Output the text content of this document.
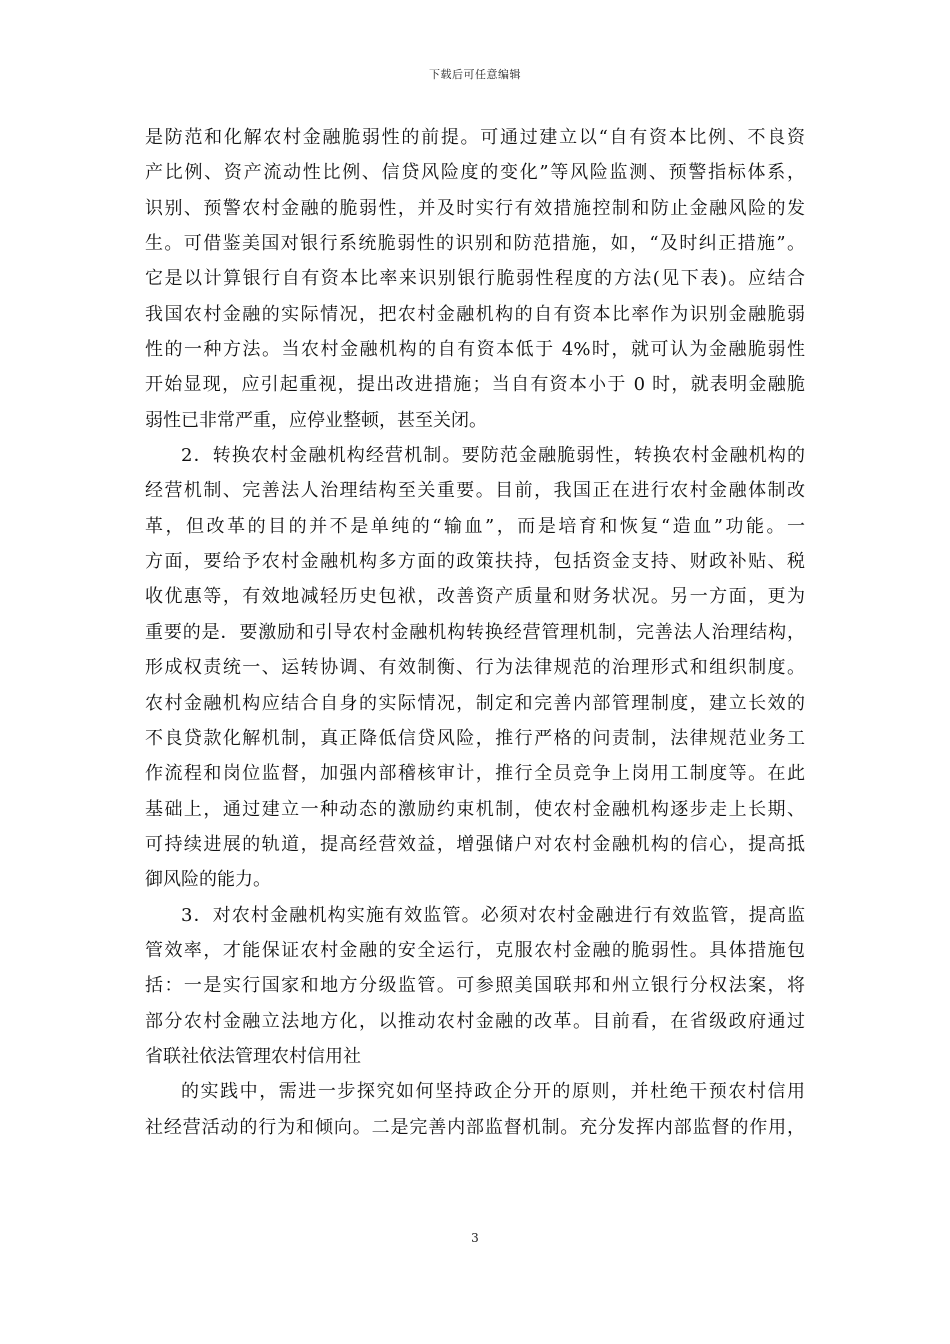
下载后可任意编辑
是防范和化解农村金融脆弱性的前提。可通过建立以“自有资本比例、不良资
产比例、资产流动性比例、信贷风险度的变化”等风险监测、预警指标体系，
识别、预警农村金融的脆弱性，并及时实行有效措施控制和防止金融风险的发
生。可借鉴美国对银行系统脆弱性的识别和防范措施，如，“及时纠正措施”。
它是以计算银行自有资本比率来识别银行脆弱性程度的方法(见下表)。应结合
我国农村金融的实际情况，把农村金融机构的自有资本比率作为识别金融脆弱
性的一种方法。当农村金融机构的自有资本低于 4%时，就可认为金融脆弱性
开始显现，应引起重视，提出改进措施；当自有资本小于 0 时，就表明金融脆
弱性已非常严重，应停业整顿，甚至关闭。
2．转换农村金融机构经营机制。要防范金融脆弱性，转换农村金融机构的
经营机制、完善法人治理结构至关重要。目前，我国正在进行农村金融体制改
革，但改革的目的并不是单纯的“输血”，而是培育和恢复“造血”功能。一
方面，要给予农村金融机构多方面的政策扶持，包括资金支持、财政补贴、税
收优惠等，有效地减轻历史包袱，改善资产质量和财务状况。另一方面，更为
重要的是．要激励和引导农村金融机构转换经营管理机制，完善法人治理结构，
形成权责统一、运转协调、有效制衡、行为法律规范的治理形式和组织制度。
农村金融机构应结合自身的实际情况，制定和完善内部管理制度，建立长效的
不良贷款化解机制，真正降低信贷风险，推行严格的问责制，法律规范业务工
作流程和岗位监督，加强内部稽核审计，推行全员竞争上岗用工制度等。在此
基础上，通过建立一种动态的激励约束机制，使农村金融机构逐步走上长期、
可持续进展的轨道，提高经营效益，增强储户对农村金融机构的信心，提高抵
御风险的能力。
3．对农村金融机构实施有效监管。必须对农村金融进行有效监管，提高监
管效率，才能保证农村金融的安全运行，克服农村金融的脆弱性。具体措施包
括：一是实行国家和地方分级监管。可参照美国联邦和州立银行分权法案，将
部分农村金融立法地方化，以推动农村金融的改革。目前看，在省级政府通过
省联社依法管理农村信用社
的实践中，需进一步探究如何坚持政企分开的原则，并杜绝干预农村信用
社经营活动的行为和倾向。二是完善内部监督机制。充分发挥内部监督的作用，
3
